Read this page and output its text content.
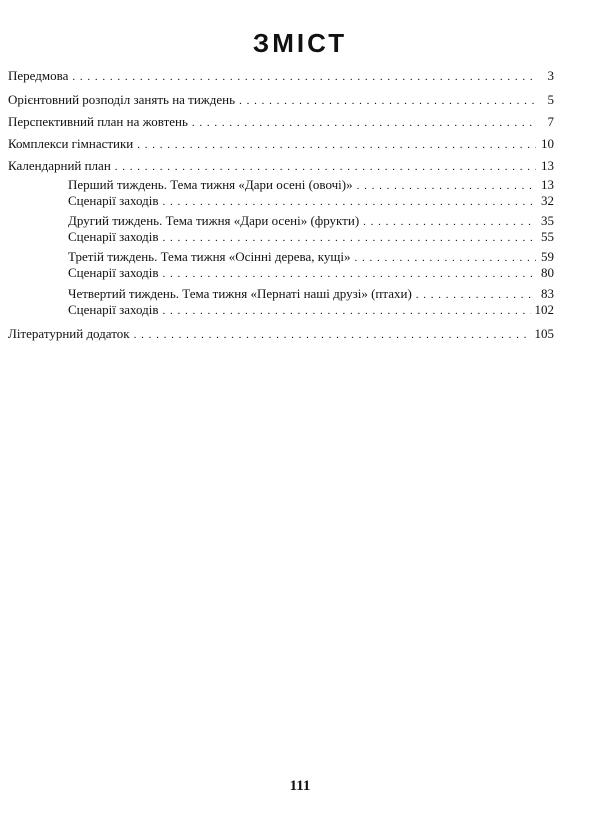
ЗМІСТ
Передмова . . .	3
Орієнтовний розподіл занять на тиждень . . .	5
Перспективний план на жовтень . . .	7
Комплекси гімнастики . . .	10
Календарний план . . .	13
Перший тиждень. Тема тижня «Дари осені (овочі)» . . .	13
Сценарії заходів . . .	32
Другий тиждень. Тема тижня «Дари осені» (фрукти) . . .	35
Сценарії заходів . . .	55
Третій тиждень. Тема тижня «Осінні дерева, кущі» . . .	59
Сценарії заходів . . .	80
Четвертий тиждень. Тема тижня «Пернаті наші друзі» (птахи) . . .	83
Сценарії заходів . . .	102
Літературний додаток . . .	105
111
